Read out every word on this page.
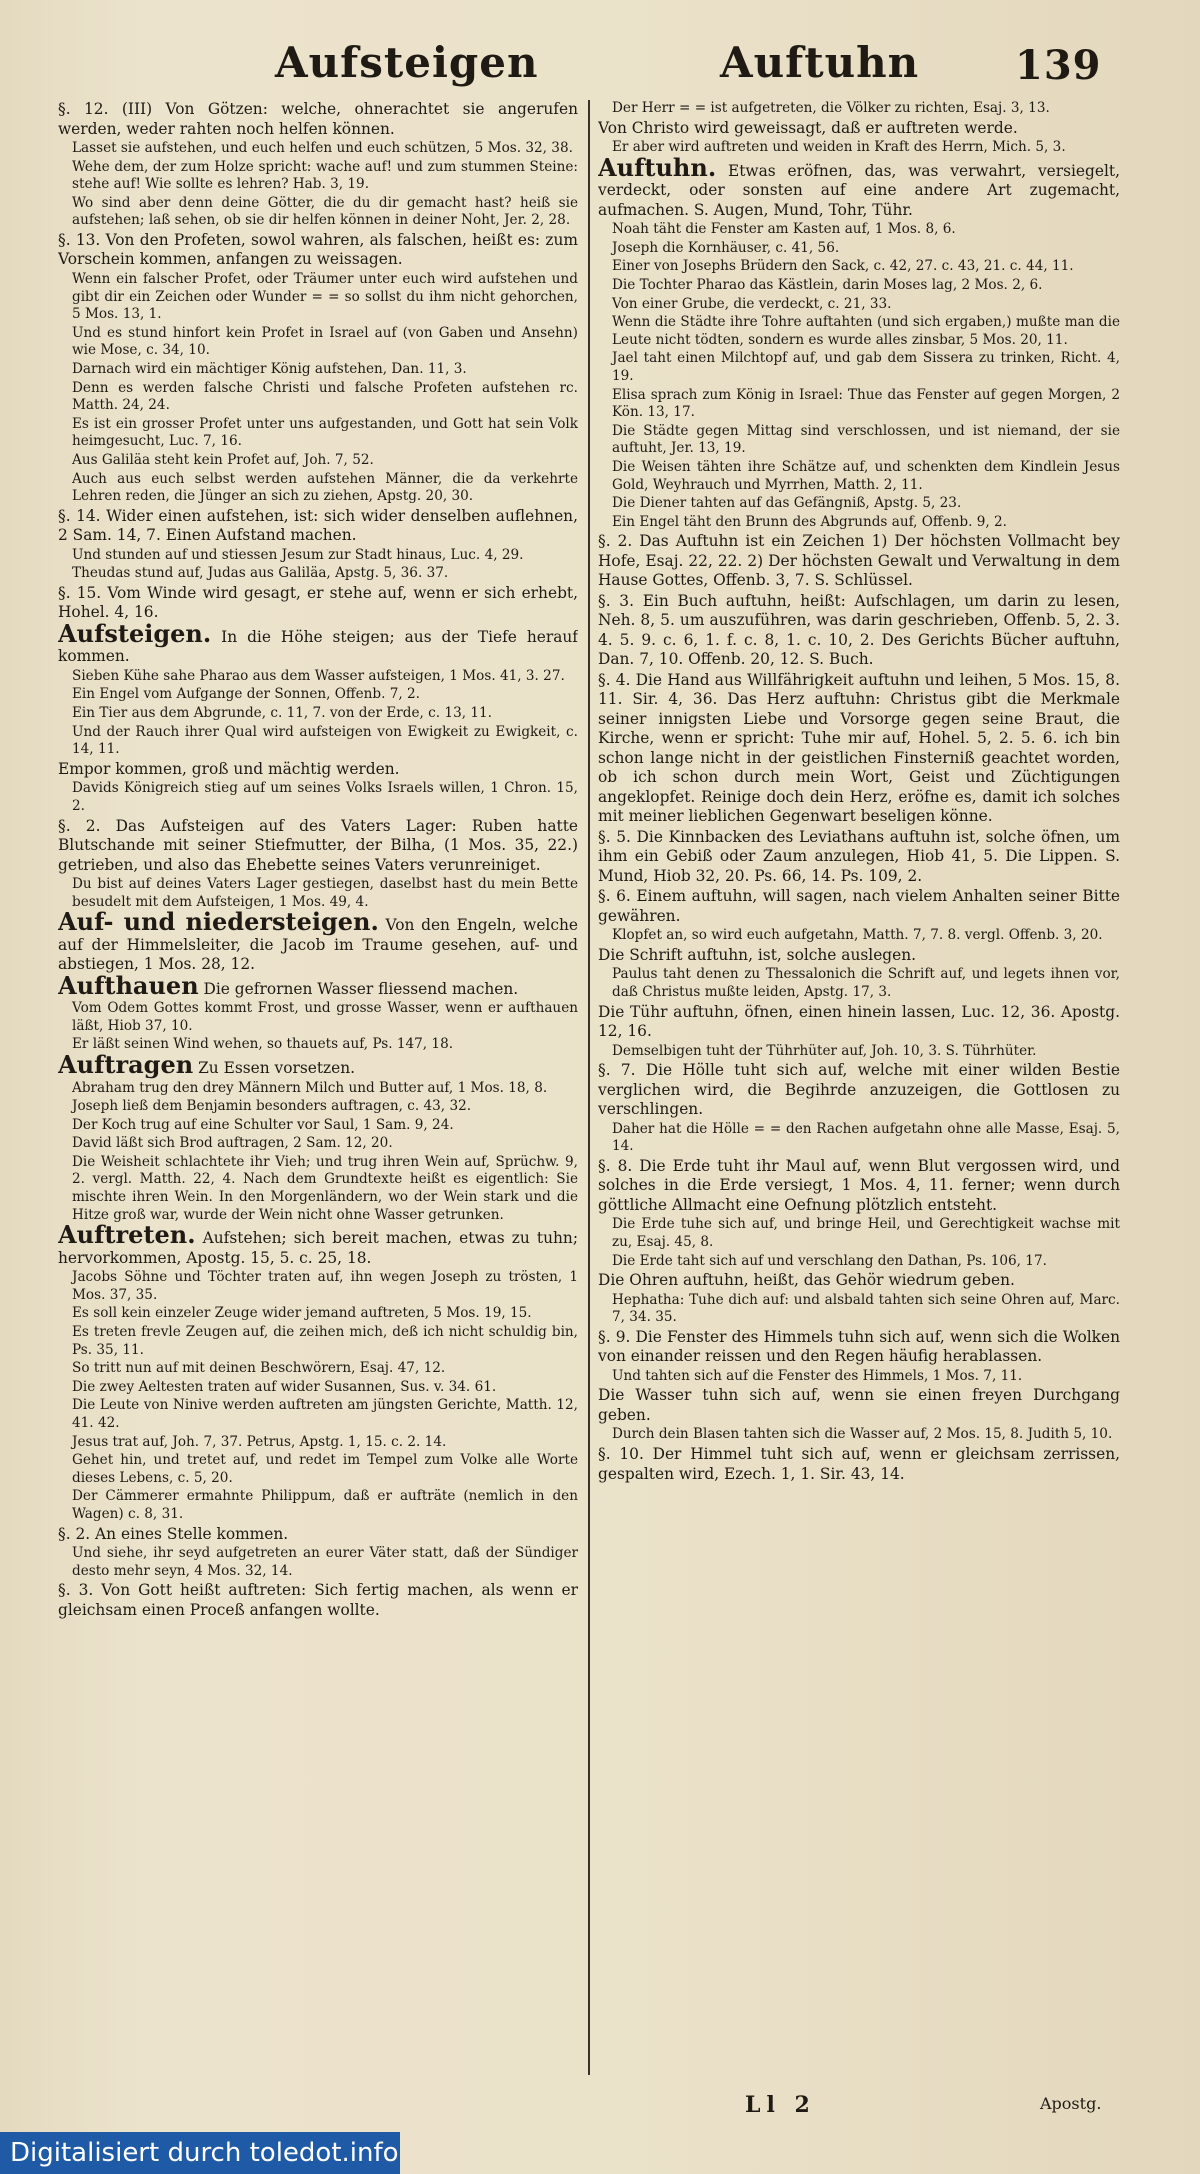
Aufsteigen	Auftuhn 139

§. 12. (III) Von Götzen: welche, ohnerachtet sie angerufen werden, weder rahten noch helfen können.

Lasset sie aufstehen, und euch helfen und euch schützen, 5 Mos. 32, 38.

Wehe dem, der zum Holze spricht: wache auf! und zum stummen Steine: stehe auf! Wie sollte es lehren? Hab. 3, 19.

Wo sind aber denn deine Götter, die du dir gemacht hast? heiß sie aufstehen; laß sehen, ob sie dir helfen können in deiner Noht, Jer. 2, 28.

§. 13. Von den Profeten, sowol wahren, als falschen, heißt es: zum Vorschein kommen, anfangen zu weissagen.

Wenn ein falscher Profet, oder Träumer unter euch wird aufstehen und gibt dir ein Zeichen oder Wunder = = so sollst du ihm nicht gehorchen, 5 Mos. 13, 1.

Und es stund hinfort kein Profet in Israel auf (von Gaben und Ansehn) wie Mose, c. 34, 10.

Darnach wird ein mächtiger König aufstehen, Dan. 11, 3.

Denn es werden falsche Christi und falsche Profeten aufstehen rc. Matth. 24, 24.

Es ist ein grosser Profet unter uns aufgestanden, und Gott hat sein Volk heimgesucht, Luc. 7, 16.

Aus Galiläa steht kein Profet auf, Joh. 7, 52.

Auch aus euch selbst werden aufstehen Männer, die da verkehrte Lehren reden, die Jünger an sich zu ziehen, Apstg. 20, 30.

§. 14. Wider einen aufstehen, ist: sich wider denselben auflehnen, 2 Sam. 14, 7. Einen Aufstand machen.

Und stunden auf und stiessen Jesum zur Stadt hinaus, Luc. 4, 29.

Theudas stund auf, Judas aus Galiläa, Apstg. 5, 36. 37.

§. 15. Vom Winde wird gesagt, er stehe auf, wenn er sich erhebt, Hohel. 4, 16.

Aufsteigen. In die Höhe steigen; aus der Tiefe herauf kommen.

Sieben Kühe sahe Pharao aus dem Wasser aufsteigen, 1 Mos. 41, 3. 27.

Ein Engel vom Aufgange der Sonnen, Offenb. 7, 2.

Ein Tier aus dem Abgrunde, c. 11, 7. von der Erde, c. 13, 11.

Und der Rauch ihrer Qual wird aufsteigen von Ewigkeit zu Ewigkeit, c. 14, 11.

Empor kommen, groß und mächtig werden.

Davids Königreich stieg auf um seines Volks Israels willen, 1 Chron. 15, 2.

§. 2. Das Aufsteigen auf des Vaters Lager: Ruben hatte Blutschande mit seiner Stiefmutter, der Bilha, (1 Mos. 35, 22.) getrieben, und also das Ehebette seines Vaters verunreiniget.

Du bist auf deines Vaters Lager gestiegen, daselbst hast du mein Bette besudelt mit dem Aufsteigen, 1 Mos. 49, 4.

Auf- und niedersteigen. Von den Engeln, welche auf der Himmelsleiter, die Jacob im Traume gesehen, auf- und abstiegen, 1 Mos. 28, 12.

Aufthauen Die gefrornen Wasser fliessend machen.

Vom Odem Gottes kommt Frost, und grosse Wasser, wenn er aufthauen läßt, Hiob 37, 10.

Er läßt seinen Wind wehen, so thauets auf, Ps. 147, 18.

Auftragen Zu Essen vorsetzen.

Abraham trug den drey Männern Milch und Butter auf, 1 Mos. 18, 8.

Joseph ließ dem Benjamin besonders auftragen, c. 43, 32.

Der Koch trug auf eine Schulter vor Saul, 1 Sam. 9, 24.

David läßt sich Brod auftragen, 2 Sam. 12, 20.

Die Weisheit schlachtete ihr Vieh; und trug ihren Wein auf, Sprüchw. 9, 2. vergl. Matth. 22, 4. Nach dem Grundtexte heißt es eigentlich: Sie mischte ihren Wein. In den Morgenländern, wo der Wein stark und die Hitze groß war, wurde der Wein nicht ohne Wasser getrunken.

Auftreten. Aufstehen; sich bereit machen, etwas zu tuhn; hervorkommen, Apostg. 15, 5. c. 25, 18.

Jacobs Söhne und Töchter traten auf, ihn wegen Joseph zu trösten, 1 Mos. 37, 35.

Es soll kein einzeler Zeuge wider jemand auftreten, 5 Mos. 19, 15.

Es treten frevle Zeugen auf, die zeihen mich, deß ich nicht schuldig bin, Ps. 35, 11.

So tritt nun auf mit deinen Beschwörern, Esaj. 47, 12.

Die zwey Aeltesten traten auf wider Susannen, Sus. v. 34. 61.

Die Leute von Ninive werden auftreten am jüngsten Gerichte, Matth. 12, 41. 42.

Jesus trat auf, Joh. 7, 37. Petrus, Apstg. 1, 15. c. 2. 14.

Gehet hin, und tretet auf, und redet im Tempel zum Volke alle Worte dieses Lebens, c. 5, 20.

Der Cämmerer ermahnte Philippum, daß er aufträte (nemlich in den Wagen) c. 8, 31.

§. 2. An eines Stelle kommen.

Und siehe, ihr seyd aufgetreten an eurer Väter statt, daß der Sündiger desto mehr seyn, 4 Mos. 32, 14.

§. 3. Von Gott heißt auftreten: Sich fertig machen, als wenn er gleichsam einen Proceß anfangen wollte.

Der Herr = = ist aufgetreten, die Völker zu richten, Esaj. 3, 13.

Von Christo wird geweissagt, daß er auftreten werde.

Er aber wird auftreten und weiden in Kraft des Herrn, Mich. 5, 3.

Auftuhn. Etwas eröfnen, das, was verwahrt, versiegelt, verdeckt, oder sonsten auf eine andere Art zugemacht, aufmachen. S. Augen, Mund, Tohr, Tühr.

Noah täht die Fenster am Kasten auf, 1 Mos. 8, 6.

Joseph die Kornhäuser, c. 41, 56.

Einer von Josephs Brüdern den Sack, c. 42, 27. c. 43, 21. c. 44, 11.

Die Tochter Pharao das Kästlein, darin Moses lag, 2 Mos. 2, 6.

Von einer Grube, die verdeckt, c. 21, 33.

Wenn die Städte ihre Tohre auftahten (und sich ergaben,) mußte man die Leute nicht tödten, sondern es wurde alles zinsbar, 5 Mos. 20, 11.

Jael taht einen Milchtopf auf, und gab dem Sissera zu trinken, Richt. 4, 19.

Elisa sprach zum König in Israel: Thue das Fenster auf gegen Morgen, 2 Kön. 13, 17.

Die Städte gegen Mittag sind verschlossen, und ist niemand, der sie auftuht, Jer. 13, 19.

Die Weisen tähten ihre Schätze auf, und schenkten dem Kindlein Jesus Gold, Weyhrauch und Myrrhen, Matth. 2, 11.

Die Diener tahten auf das Gefängniß, Apstg. 5, 23.

Ein Engel täht den Brunn des Abgrunds auf, Offenb. 9, 2.

§. 2. Das Auftuhn ist ein Zeichen 1) Der höchsten Vollmacht bey Hofe, Esaj. 22, 22. 2) Der höchsten Gewalt und Verwaltung in dem Hause Gottes, Offenb. 3, 7. S. Schlüssel.

§. 3. Ein Buch auftuhn, heißt: Aufschlagen, um darin zu lesen, Neh. 8, 5. um auszuführen, was darin geschrieben, Offenb. 5, 2. 3. 4. 5. 9. c. 6, 1. f. c. 8, 1. c. 10, 2. Des Gerichts Bücher auftuhn, Dan. 7, 10. Offenb. 20, 12. S. Buch.

§. 4. Die Hand aus Willfährigkeit auftuhn und leihen, 5 Mos. 15, 8. 11. Sir. 4, 36. Das Herz auftuhn: Christus gibt die Merkmale seiner innigsten Liebe und Vorsorge gegen seine Braut, die Kirche, wenn er spricht: Tuhe mir auf, Hohel. 5, 2. 5. 6. ich bin schon lange nicht in der geistlichen Finsterniß geachtet worden, ob ich schon durch mein Wort, Geist und Züchtigungen angeklopfet. Reinige doch dein Herz, eröfne es, damit ich solches mit meiner lieblichen Gegenwart beseligen könne.

§. 5. Die Kinnbacken des Leviathans auftuhn ist, solche öfnen, um ihm ein Gebiß oder Zaum anzulegen, Hiob 41, 5. Die Lippen. S. Mund, Hiob 32, 20. Ps. 66, 14. Ps. 109, 2.

§. 6. Einem auftuhn, will sagen, nach vielem Anhalten seiner Bitte gewähren.

Klopfet an, so wird euch aufgetahn, Matth. 7, 7. 8. vergl. Offenb. 3, 20.

Die Schrift auftuhn, ist, solche auslegen.

Paulus taht denen zu Thessalonich die Schrift auf, und legets ihnen vor, daß Christus mußte leiden, Apstg. 17, 3.

Die Tühr auftuhn, öfnen, einen hinein lassen, Luc. 12, 36. Apostg. 12, 16.

Demselbigen tuht der Tührhüter auf, Joh. 10, 3. S. Tührhüter.

§. 7. Die Hölle tuht sich auf, welche mit einer wilden Bestie verglichen wird, die Begihrde anzuzeigen, die Gottlosen zu verschlingen.

Daher hat die Hölle = = den Rachen aufgetahn ohne alle Masse, Esaj. 5, 14.

§. 8. Die Erde tuht ihr Maul auf, wenn Blut vergossen wird, und solches in die Erde versiegt, 1 Mos. 4, 11. ferner; wenn durch göttliche Allmacht eine Oefnung plötzlich entsteht.

Die Erde tuhe sich auf, und bringe Heil, und Gerechtigkeit wachse mit zu, Esaj. 45, 8.

Die Erde taht sich auf und verschlang den Dathan, Ps. 106, 17.

Die Ohren auftuhn, heißt, das Gehör wiedrum geben.

Hephatha: Tuhe dich auf: und alsbald tahten sich seine Ohren auf, Marc. 7, 34. 35.

§. 9. Die Fenster des Himmels tuhn sich auf, wenn sich die Wolken von einander reissen und den Regen häufig herablassen.

Und tahten sich auf die Fenster des Himmels, 1 Mos. 7, 11.

Die Wasser tuhn sich auf, wenn sie einen freyen Durchgang geben.

Durch dein Blasen tahten sich die Wasser auf, 2 Mos. 15, 8. Judith 5, 10.

§. 10. Der Himmel tuht sich auf, wenn er gleichsam zerrissen, gespalten wird, Ezech. 1, 1. Sir. 43, 14.

Ll 2	Apostg.
Digitalisiert durch toledot.info
